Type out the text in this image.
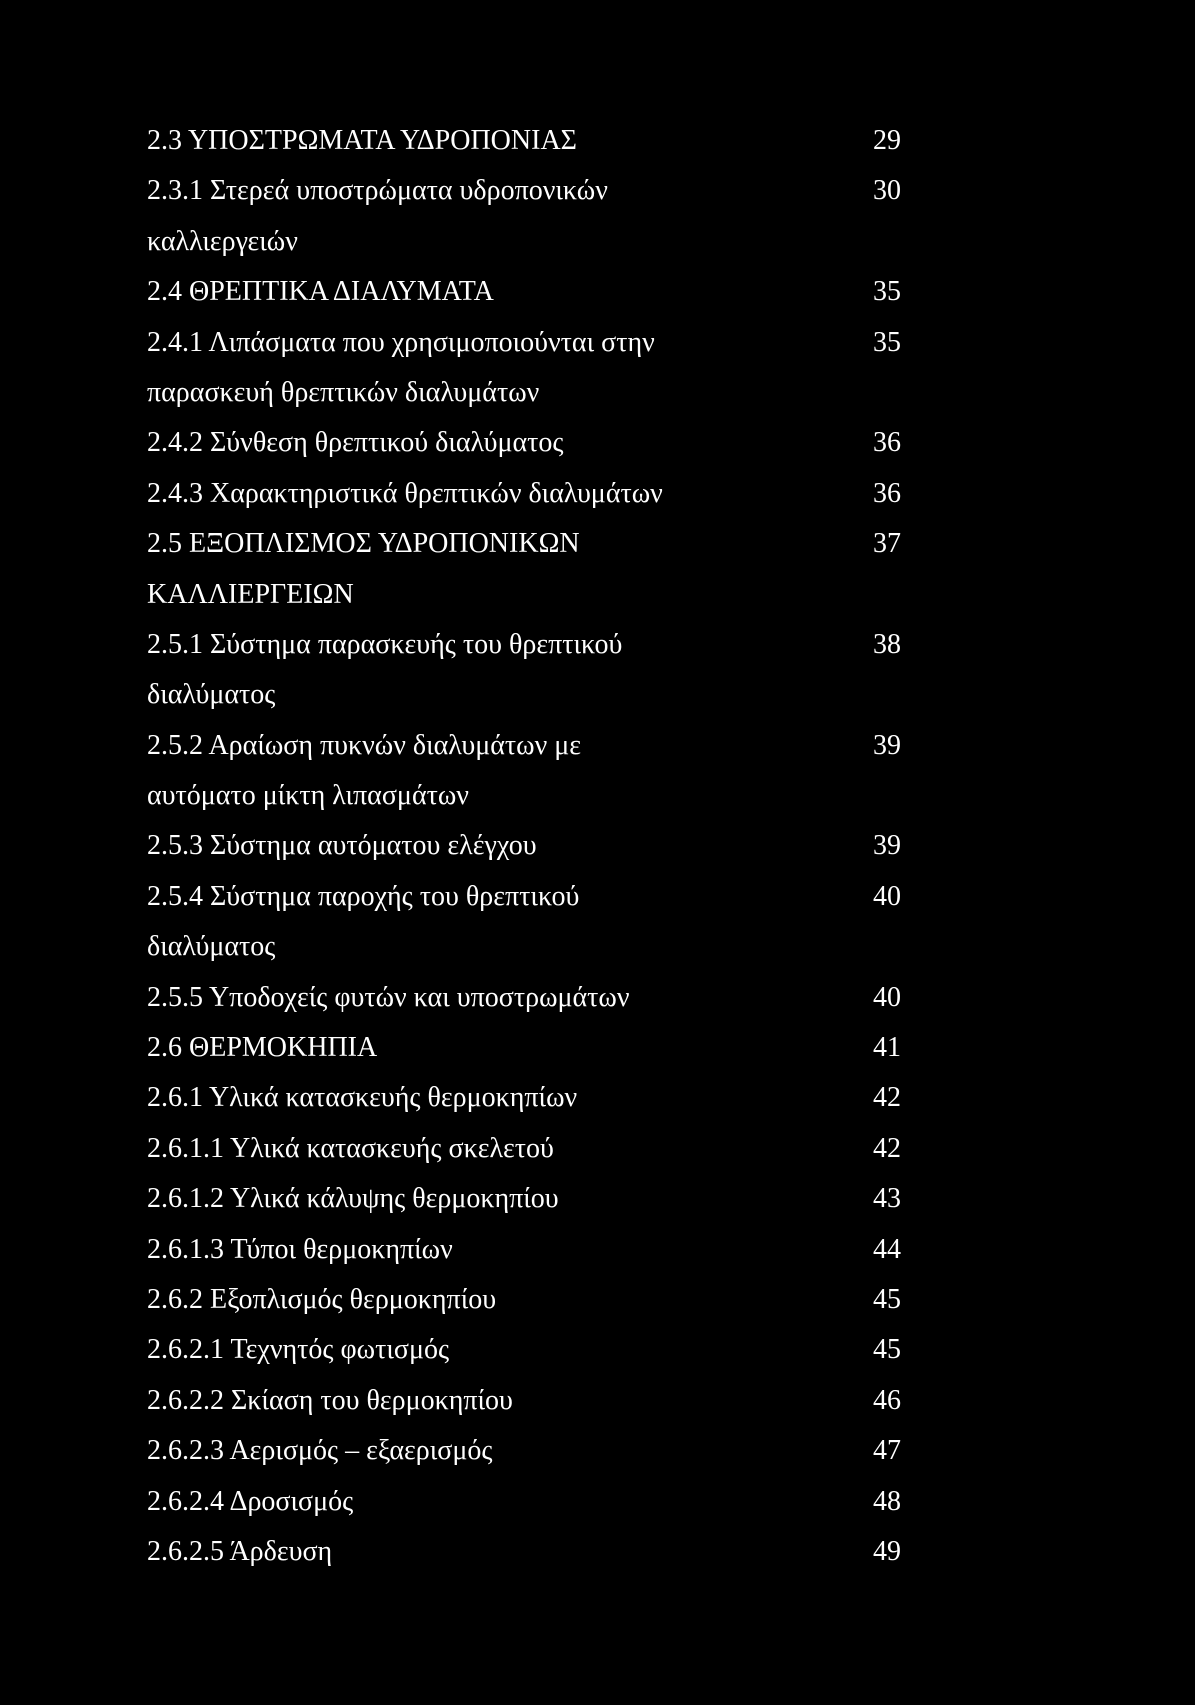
2.3 ΥΠΟΣΤΡΩΜΑΤΑ ΥΔΡΟΠΟΝΙΑΣ	29
2.3.1 Στερεά υποστρώματα υδροπονικών	30
καλλιεργειών
2.4 ΘΡΕΠΤΙΚΑ ΔΙΑΛΥΜΑΤΑ	35
2.4.1 Λιπάσματα που χρησιμοποιούνται στην	35
παρασκευή θρεπτικών διαλυμάτων
2.4.2 Σύνθεση θρεπτικού διαλύματος	36
2.4.3 Χαρακτηριστικά θρεπτικών διαλυμάτων	36
2.5 ΕΞΟΠΛΙΣΜΟΣ ΥΔΡΟΠΟΝΙΚΩΝ	37
ΚΑΛΛΙΕΡΓΕΙΩΝ
2.5.1 Σύστημα παρασκευής του θρεπτικού	38
διαλύματος
2.5.2 Αραίωση πυκνών διαλυμάτων με	39
αυτόματο μίκτη λιπασμάτων
2.5.3 Σύστημα αυτόματου ελέγχου	39
2.5.4 Σύστημα παροχής του θρεπτικού	40
διαλύματος
2.5.5 Υποδοχείς φυτών και υποστρωμάτων	40
2.6 ΘΕΡΜΟΚΗΠΙΑ	41
2.6.1 Υλικά κατασκευής θερμοκηπίων	42
2.6.1.1 Υλικά κατασκευής σκελετού	42
2.6.1.2 Υλικά κάλυψης θερμοκηπίου	43
2.6.1.3 Τύποι θερμοκηπίων	44
2.6.2 Εξοπλισμός θερμοκηπίου	45
2.6.2.1 Τεχνητός φωτισμός	45
2.6.2.2 Σκίαση του θερμοκηπίου	46
2.6.2.3 Αερισμός – εξαερισμός	47
2.6.2.4 Δροσισμός	48
2.6.2.5 Άρδευση	49
